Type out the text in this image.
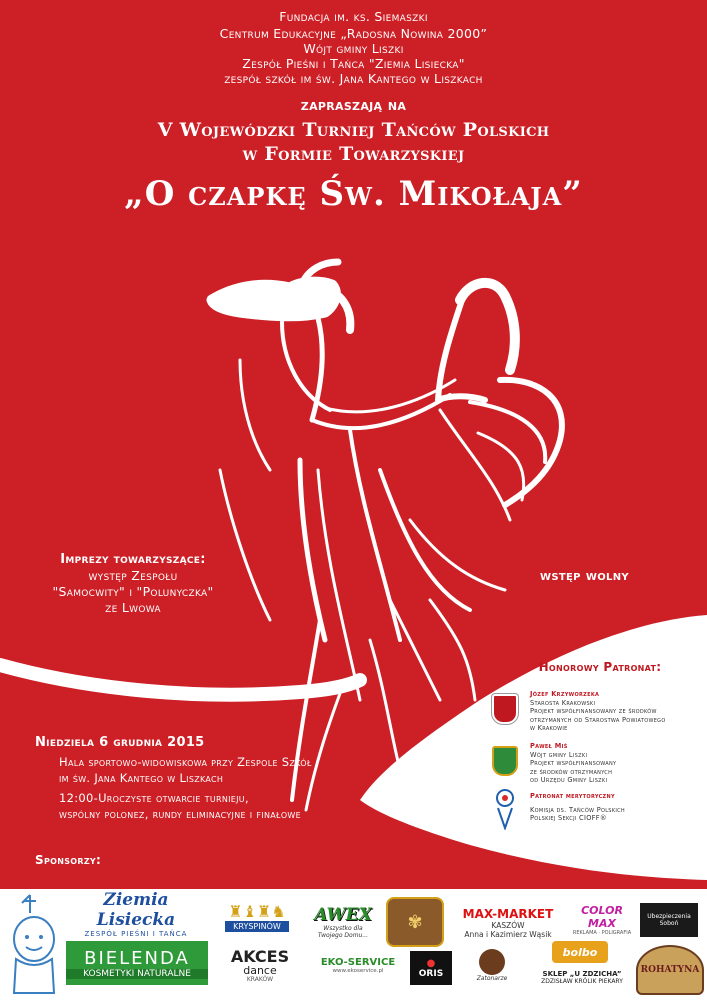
Fundacja im. ks. Siemaszki
Centrum Edukacyjne „Radosna Nowina 2000”
Wójt gminy Liszki
Zespół Pieśni i Tańca "Ziemia Lisiecka"
zespół szkół im św. Jana Kantego w Liszkach
zapraszają na
V Wojewódzki Turniej Tańców Polskich
w Formie Towarzyskiej
„O czapkę Św. Mikołaja”
Imprezy towarzyszące:
występ Zespołu
"Samocwity" i "Polunyczka"
ze Lwowa
wstęp wolny
Niedziela 6 grudnia 2015
Hala sportowo-widowiskowa przy Zespole Szkół
im św. Jana Kantego w Liszkach
12:00-Uroczyste otwarcie turnieju,
wspólny polonez, rundy eliminacyjne i finałowe
Sponsorzy:
Honorowy Patronat:
Józef Krzyworzeka
Starosta Krakowski
Projekt współfinansowany ze środków
otrzymanych od Starostwa Powiatowego
w Krakowie
Paweł Miś
Wójt gminy Liszki
Projekt współfinansowany
ze środków otrzymanych
od Urzędu Gminy Liszki
Patronat merytoryczny
Komisja ds. Tańców Polskich
Polskiej Sekcji CIOFF®
Ziemia Lisiecka
ZESPÓŁ PIEŚNI I TAŃCA
BIELENDA
KOSMETYKI NATURALNE
♜♝♜♞
KRYSPINÓW
AKCES
dance
KRAKÓW
AWEX
Wszystko dla Twojego Domu...
EKO-SERVICE
www.ekoservice.pl
✾
●
ORIS	Zatonarze
MAX-MARKET
KASZÓW
Anna i Kazimierz Wąsik
COLOR MAX
REKLAMA · POLIGRAFIA
Ubezpieczenia Soboń
bolbo
SKLEP „U ZDZICHA”
ZDZISŁAW KRÓLIK PIEKARY
ROHATYNA
